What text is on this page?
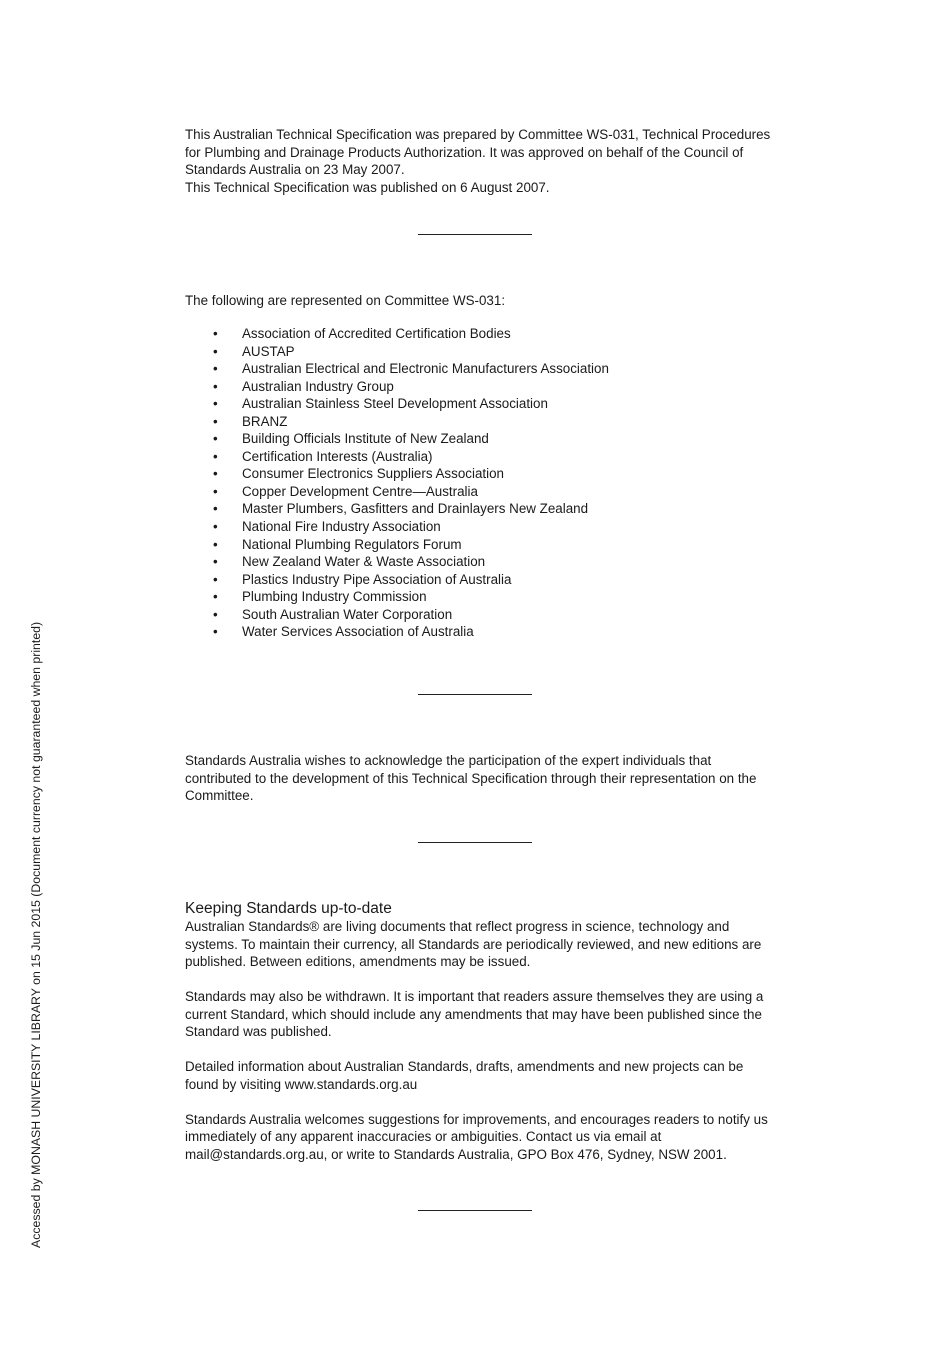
This Australian Technical Specification was prepared by Committee WS-031, Technical Procedures for Plumbing and Drainage Products Authorization. It was approved on behalf of the Council of Standards Australia on 23 May 2007.

This Technical Specification was published on 6 August 2007.

The following are represented on Committee WS-031:
• Association of Accredited Certification Bodies
• AUSTAP
• Australian Electrical and Electronic Manufacturers Association
• Australian Industry Group
• Australian Stainless Steel Development Association
• BRANZ
• Building Officials Institute of New Zealand
• Certification Interests (Australia)
• Consumer Electronics Suppliers Association
• Copper Development Centre—Australia
• Master Plumbers, Gasfitters and Drainlayers New Zealand
• National Fire Industry Association
• National Plumbing Regulators Forum
• New Zealand Water & Waste Association
• Plastics Industry Pipe Association of Australia
• Plumbing Industry Commission
• South Australian Water Corporation
• Water Services Association of Australia
Standards Australia wishes to acknowledge the participation of the expert individuals that contributed to the development of this Technical Specification through their representation on the Committee.
Keeping Standards up-to-date

Australian Standards® are living documents that reflect progress in science, technology and systems. To maintain their currency, all Standards are periodically reviewed, and new editions are published. Between editions, amendments may be issued.

Standards may also be withdrawn. It is important that readers assure themselves they are using a current Standard, which should include any amendments that may have been published since the Standard was published.

Detailed information about Australian Standards, drafts, amendments and new projects can be found by visiting www.standards.org.au

Standards Australia welcomes suggestions for improvements, and encourages readers to notify us immediately of any apparent inaccuracies or ambiguities. Contact us via email at mail@standards.org.au, or write to Standards Australia, GPO Box 476, Sydney, NSW 2001.

Accessed by MONASH UNIVERSITY LIBRARY on 15 Jun 2015 (Document currency not guaranteed when printed)
